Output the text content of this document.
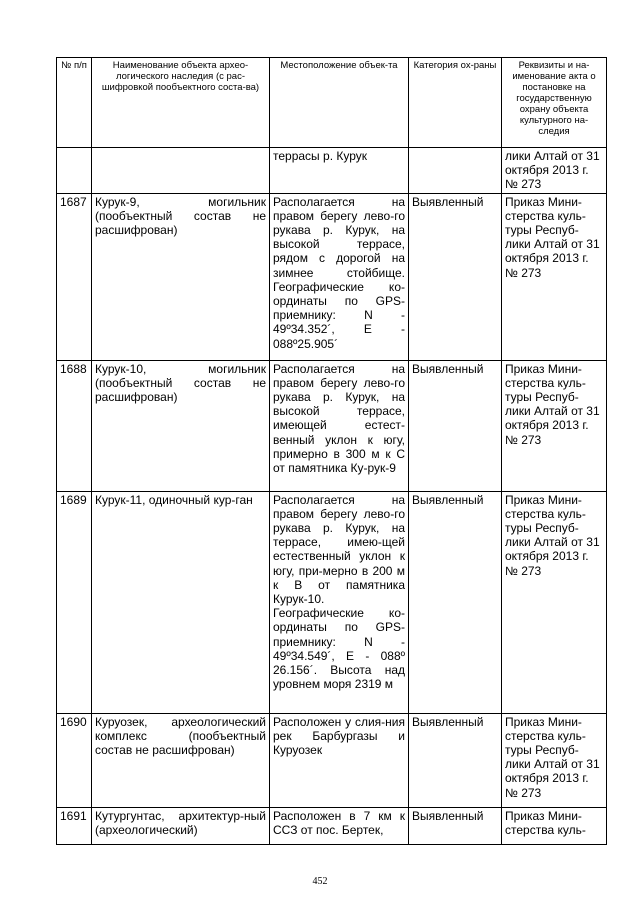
№ п/п	Наименование объекта архео-логического наследия (с рас-шифровкой пообъектного соста-ва)	Местоположение объек-та	Категория ох-раны	Реквизиты и на-именование акта о постановке на государственную охрану объекта культурного на-следия
		террасы р. Курук		лики Алтай от 31 октября 2013 г. № 273
1687	Курук-9, могильник (пообъектный состав не расшифрован)	Располагается на правом берегу лево-го рукава р. Курук, на высокой террасе, рядом с дорогой на зимнее стойбище. Географические ко-ординаты по GPS-приемнику: N - 49º34.352´, E - 088º25.905´	Выявленный	Приказ Мини-стерства куль-туры Респуб-лики Алтай от 31 октября 2013 г. № 273
1688	Курук-10, могильник (пообъектный состав не расшифрован)	Располагается на правом берегу лево-го рукава р. Курук, на высокой террасе, имеющей естест-венный уклон к югу, примерно в 300 м к С от памятника Ку-рук-9	Выявленный	Приказ Мини-стерства куль-туры Респуб-лики Алтай от 31 октября 2013 г. № 273
1689	Курук-11, одиночный кур-ган	Располагается на правом берегу лево-го рукава р. Курук, на террасе, имею-щей естественный уклон к югу, при-мерно в 200 м к В от памятника Курук-10. Географические ко-ординаты по GPS-приемнику: N - 49º34.549´, E - 088º 26.156´. Высота над уровнем моря 2319 м	Выявленный	Приказ Мини-стерства куль-туры Респуб-лики Алтай от 31 октября 2013 г. № 273
1690	Куруозек, археологический комплекс (пообъектный состав не расшифрован)	Расположен у слия-ния рек Барбургазы и Куруозек	Выявленный	Приказ Мини-стерства куль-туры Респуб-лики Алтай от 31 октября 2013 г. № 273
1691	Кутургунтас, архитектур-ный (археологический)	Расположен в 7 км к ССЗ от пос. Бертек,	Выявленный	Приказ Мини-стерства куль-
452
